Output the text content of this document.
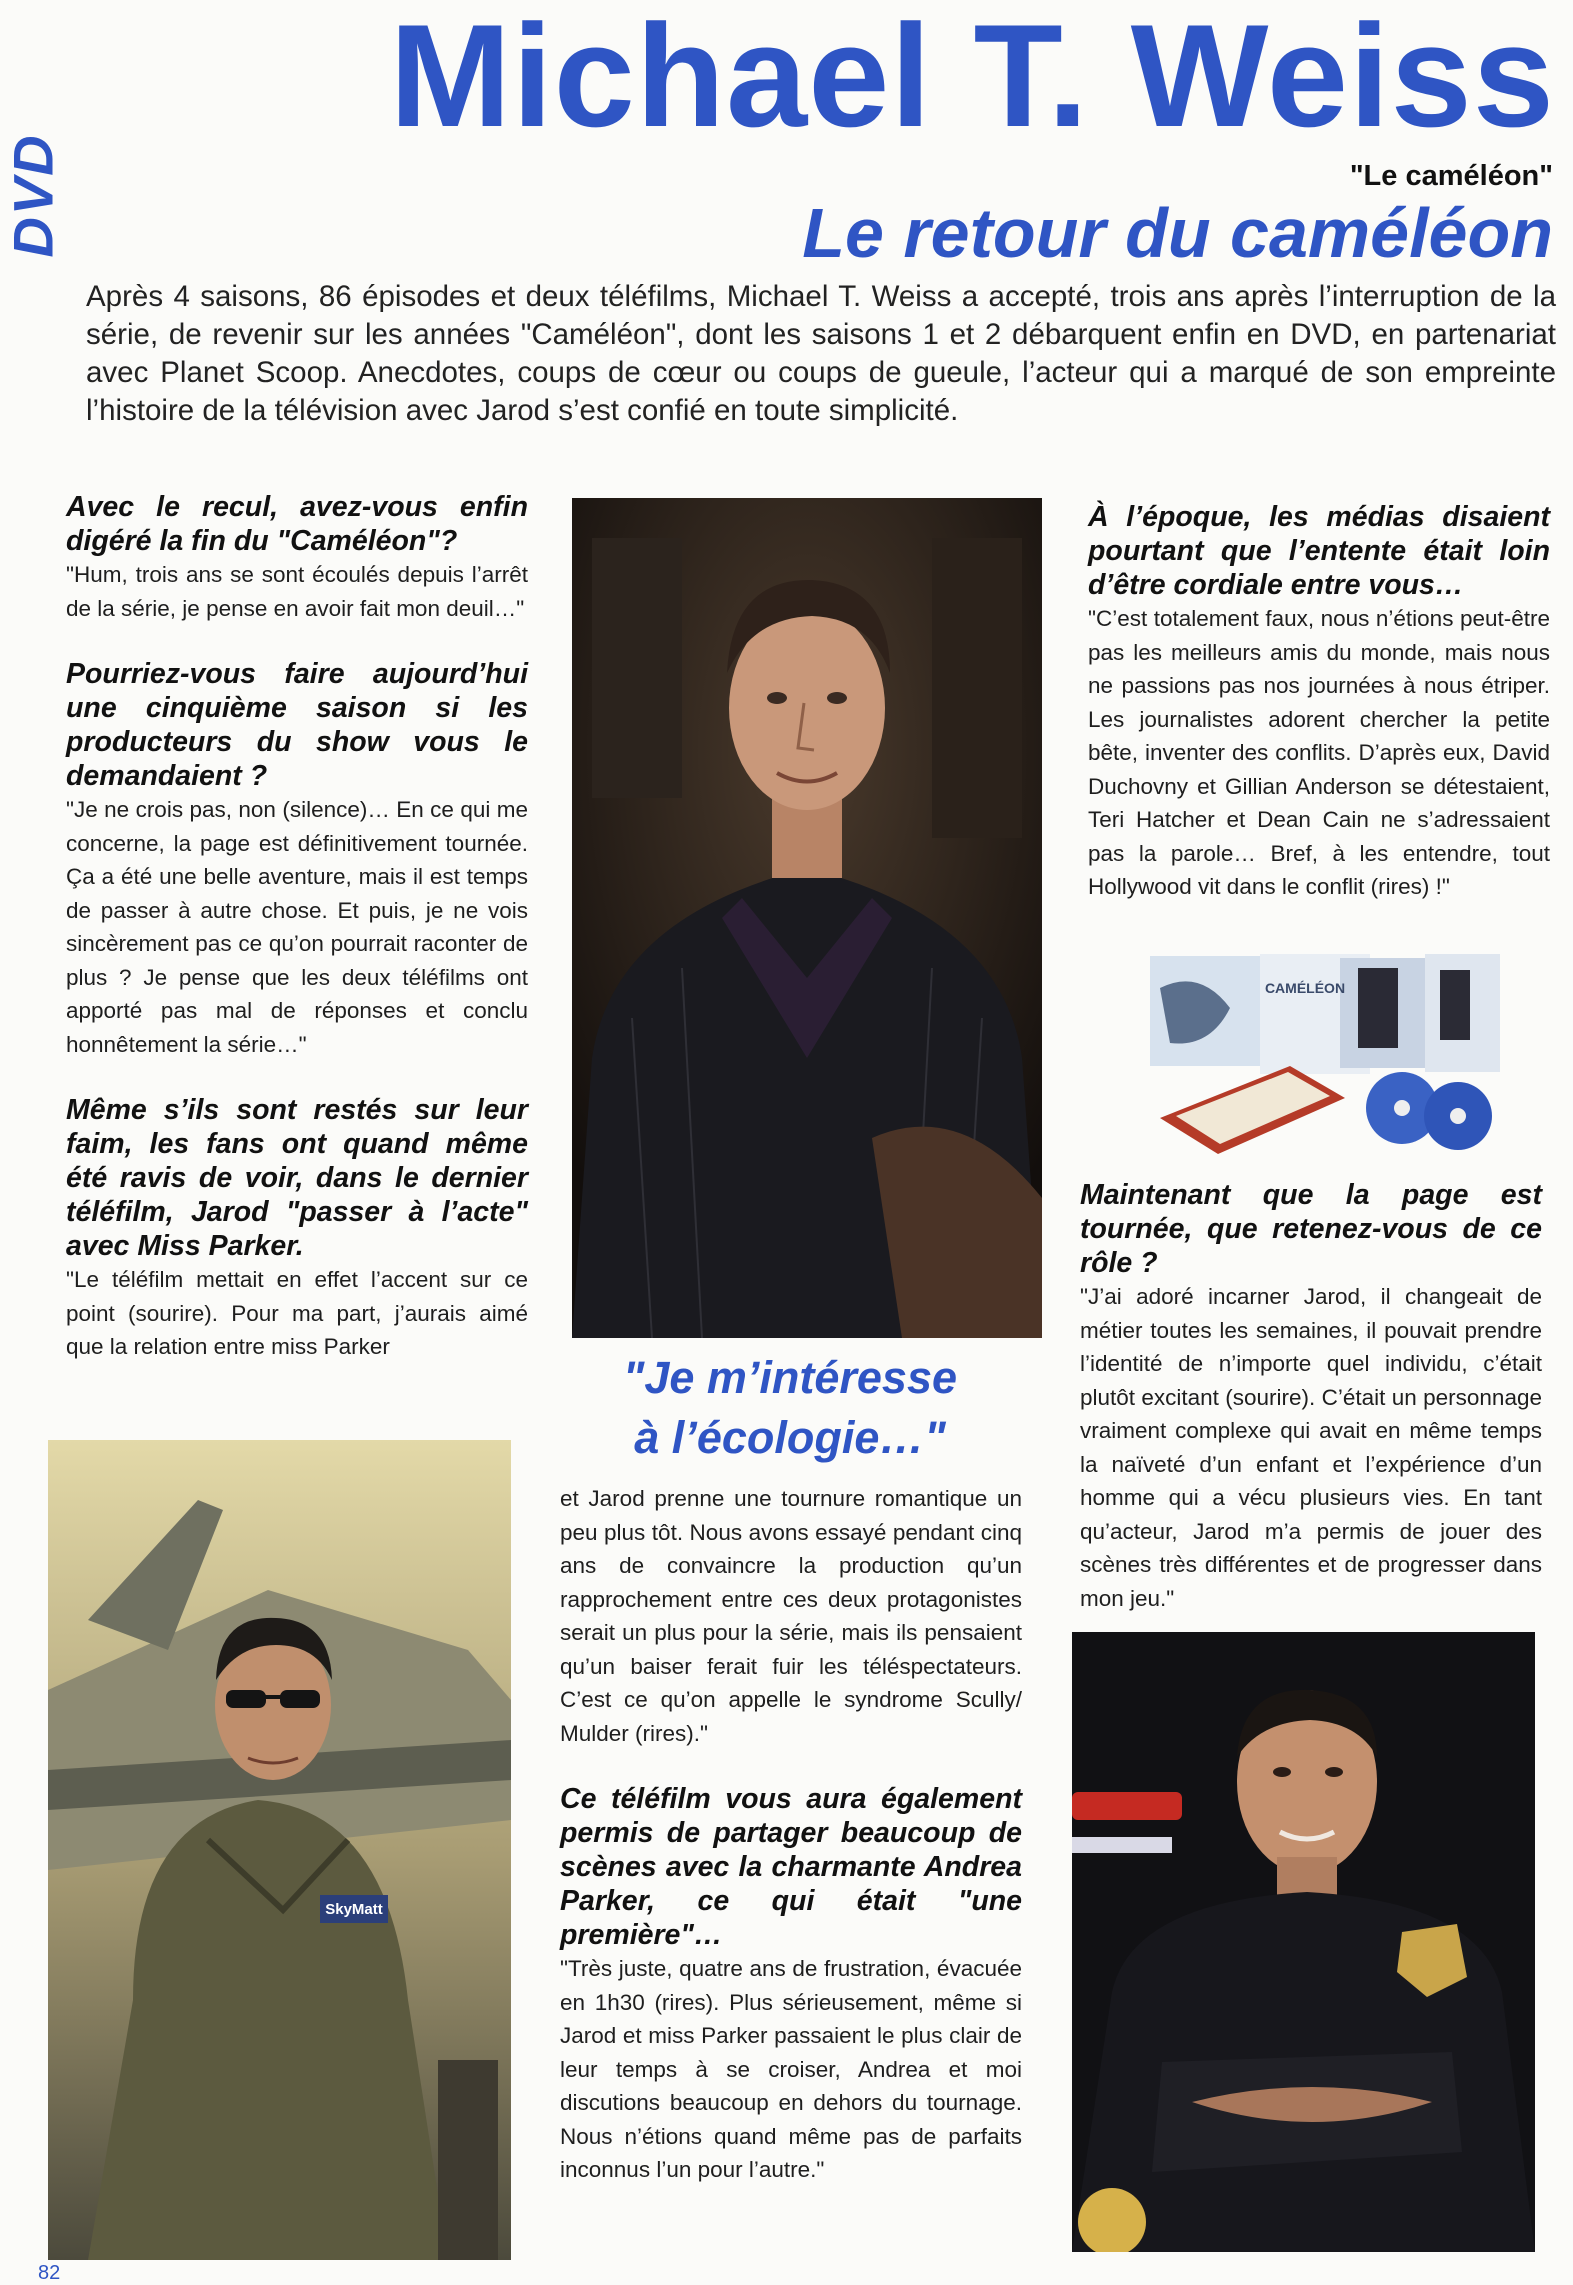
DVD
Michael T. Weiss
"Le caméléon"
Le retour du caméléon
Après 4 saisons, 86 épisodes et deux téléfilms, Michael T. Weiss a accepté, trois ans après l’interruption de la série, de revenir sur les années "Caméléon", dont les saisons 1 et 2 débarquent enfin en DVD, en partenariat avec Planet Scoop. Anecdotes, coups de cœur ou coups de gueule, l’acteur qui a marqué de son empreinte l’histoire de la télévision avec Jarod s’est confié en toute simplicité.

Avec le recul, avez-vous enfin digéré la fin du "Caméléon"?

"Hum, trois ans se sont écoulés depuis l’arrêt de la série, je pense en avoir fait mon deuil…"

Pourriez-vous faire aujourd’hui une cinquième saison si les producteurs du show vous le demandaient ?

"Je ne crois pas, non (silence)… En ce qui me concerne, la page est définitivement tournée. Ça a été une belle aventure, mais il est temps de passer à autre chose. Et puis, je ne vois sincèrement pas ce qu’on pourrait raconter de plus ? Je pense que les deux téléfilms ont apporté pas mal de réponses et conclu honnêtement la série…"

Même s’ils sont restés sur leur faim, les fans ont quand même été ravis de voir, dans le dernier téléfilm, Jarod "passer à l’acte" avec Miss Parker.

"Le téléfilm mettait en effet l’accent sur ce point (sourire). Pour ma part, j’aurais aimé que la relation entre miss Parker

SkyMatt
"Je m’intéresse
à l’écologie…"

et Jarod prenne une tournure romantique un peu plus tôt. Nous avons essayé pendant cinq ans de convaincre la production qu’un rapprochement entre ces deux protagonistes serait un plus pour la série, mais ils pensaient qu’un baiser ferait fuir les téléspectateurs. C’est ce qu’on appelle le syndrome Scully/ Mulder (rires)."

Ce téléfilm vous aura également permis de partager beaucoup de scènes avec la charmante Andrea Parker, ce qui était "une première"…

"Très juste, quatre ans de frustration, évacuée en 1h30 (rires). Plus sérieusement, même si Jarod et miss Parker passaient le plus clair de leur temps à se croiser, Andrea et moi discutions beaucoup en dehors du tournage. Nous n’étions quand même pas de parfaits inconnus l’un pour l’autre."

À l’époque, les médias disaient pourtant que l’entente était loin d’être cordiale entre vous…

"C’est totalement faux, nous n’étions peut-être pas les meilleurs amis du monde, mais nous ne passions pas nos journées à nous étriper. Les journalistes adorent chercher la petite bête, inventer des conflits. D’après eux, David Duchovny et Gillian Anderson se détestaient, Teri Hatcher et Dean Cain ne s’adressaient pas la parole… Bref, à les entendre, tout Hollywood vit dans le conflit (rires) !"

CAMÉLÉON

Maintenant que la page est tournée, que retenez-vous de ce rôle ?

"J’ai adoré incarner Jarod, il changeait de métier toutes les semaines, il pouvait prendre l’identité de n’importe quel individu, c’était plutôt excitant (sourire). C’était un personnage vraiment complexe qui avait en même temps la naïveté d’un enfant et l’expérience d’un homme qui a vécu plusieurs vies. En tant qu’acteur, Jarod m’a permis de jouer des scènes très différentes et de progresser dans mon jeu."

82
